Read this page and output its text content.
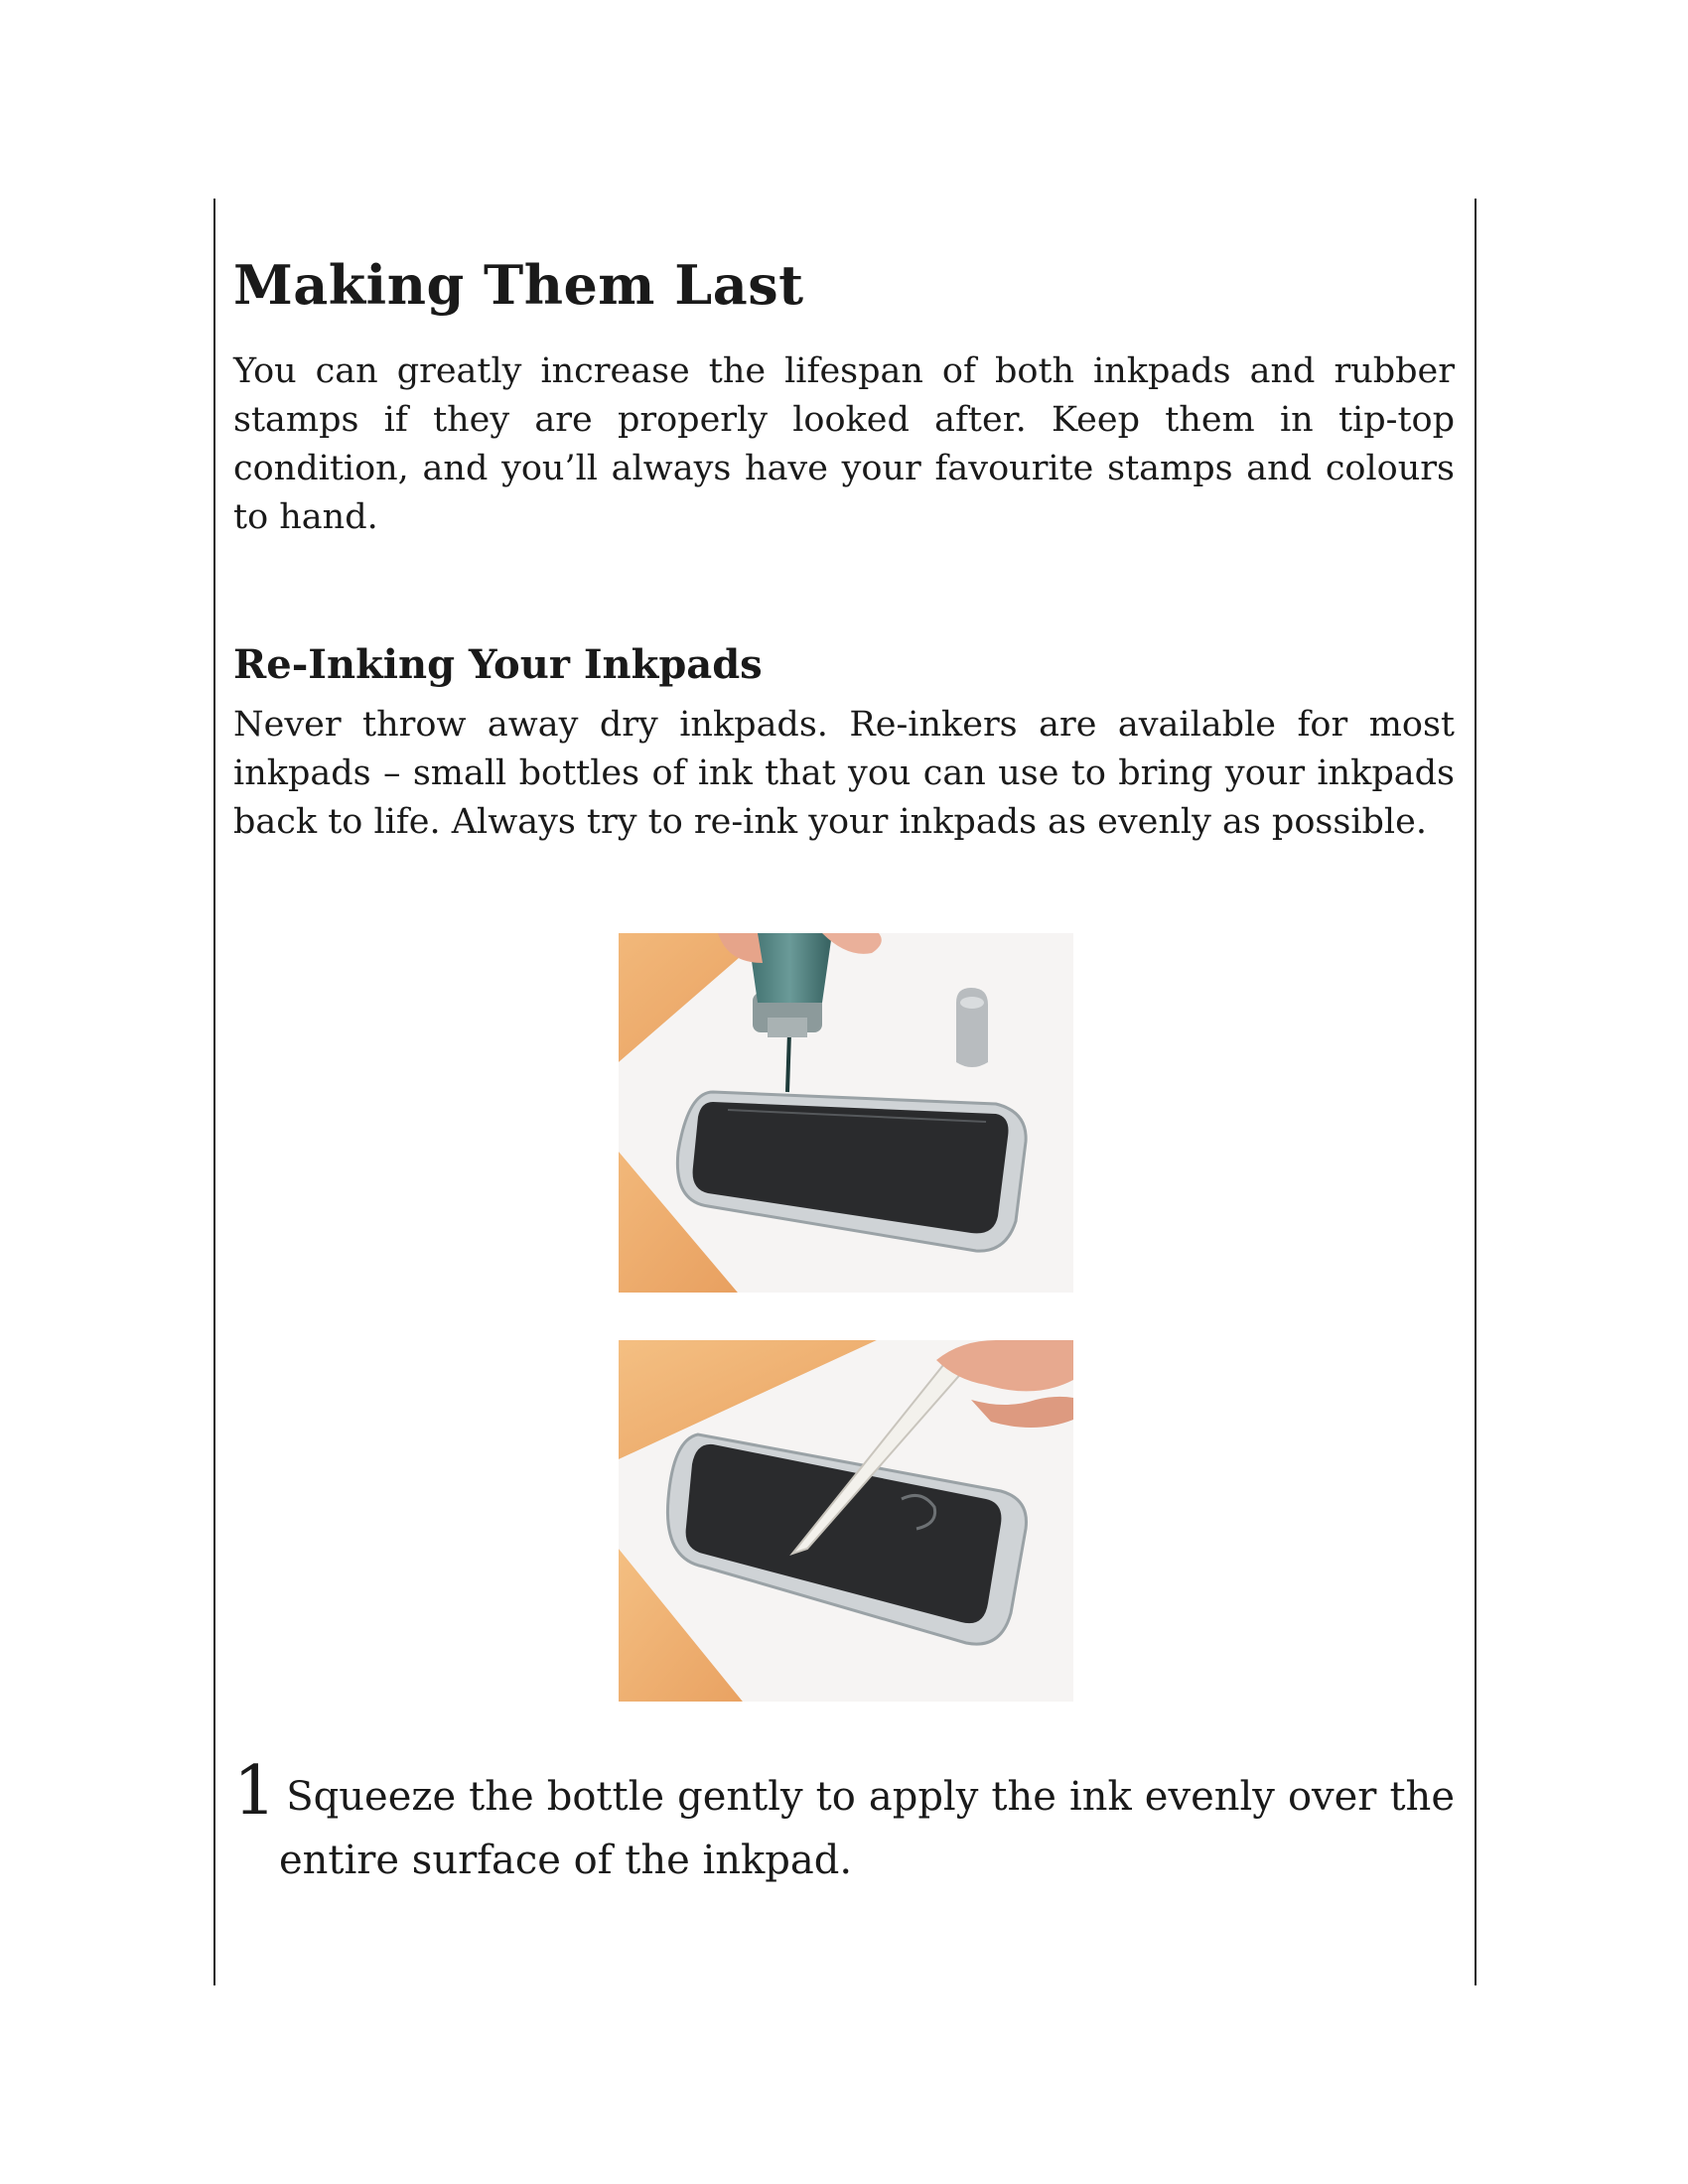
Making Them Last

You can greatly increase the lifespan of both inkpads and rubber stamps if they are properly looked after. Keep them in tip-top condition, and you’ll always have your favourite stamps and colours to hand.

Re-Inking Your Inkpads

Never throw away dry inkpads. Re-inkers are available for most inkpads – small bottles of ink that you can use to bring your inkpads back to life. Always try to re-ink your inkpads as evenly as possible.

1 Squeeze the bottle gently to apply the ink evenly over the
entire surface of the inkpad.
